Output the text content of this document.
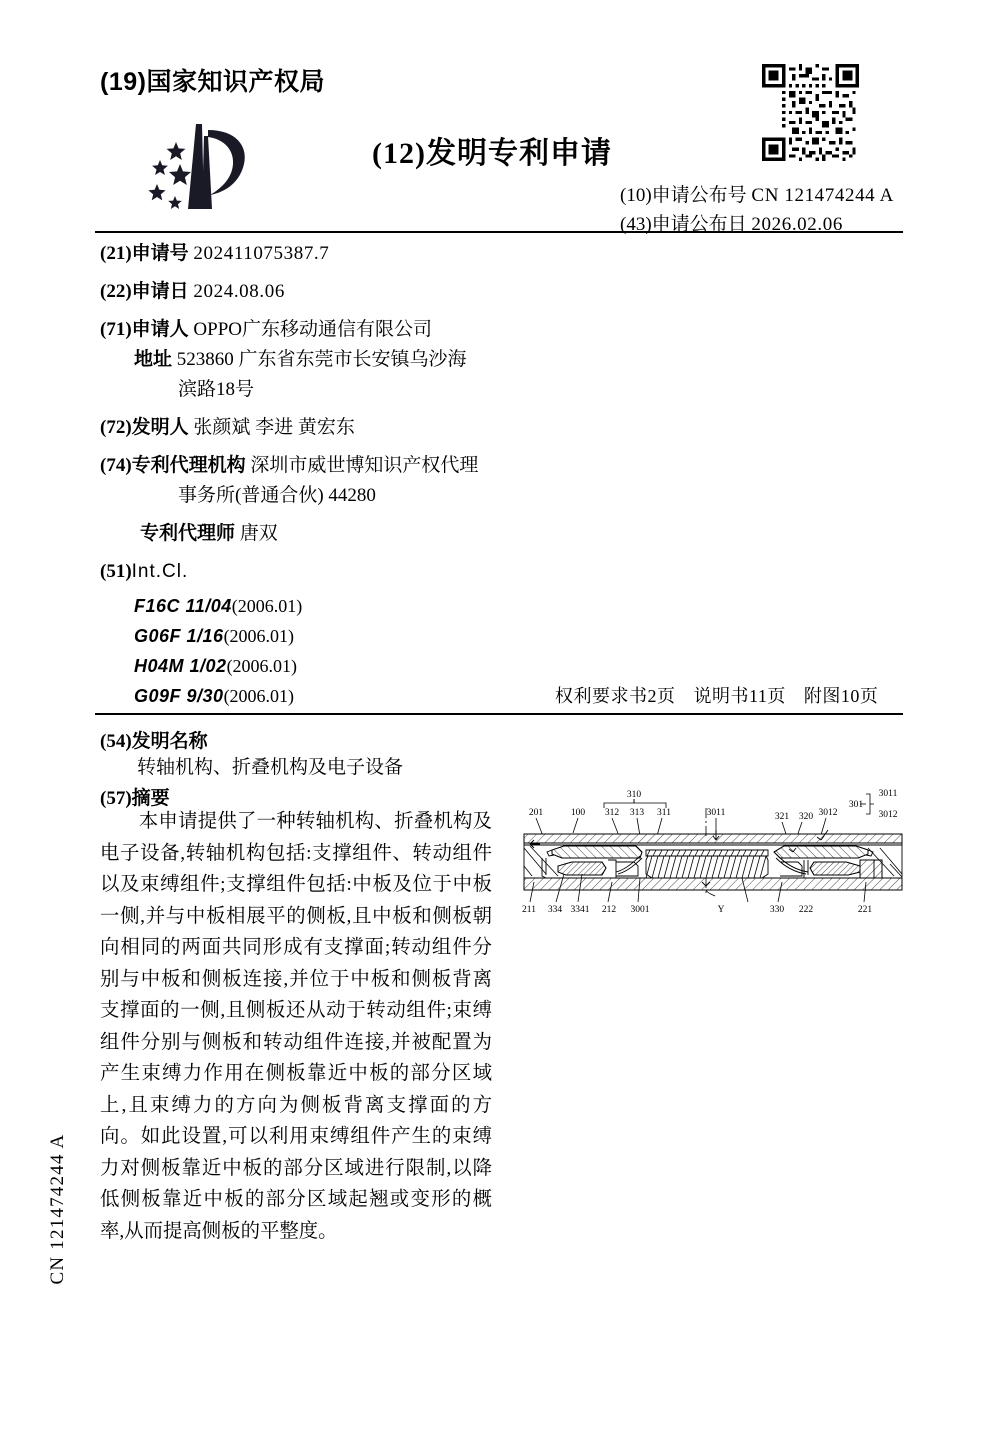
(19)国家知识产权局
(12)发明专利申请
(10)申请公布号 CN 121474244 A
(43)申请公布日 2026.02.06
(21)申请号 202411075387.7
(22)申请日 2024.08.06
(71)申请人 OPPO广东移动通信有限公司
地址 523860 广东省东莞市长安镇乌沙海
滨路18号
(72)发明人 张颜斌 李进 黄宏东
(74)专利代理机构 深圳市威世博知识产权代理
事务所(普通合伙) 44280
专利代理师 唐双
(51)Int.Cl.
F16C 11/04(2006.01)
G06F 1/16(2006.01)
H04M 1/02(2006.01)
G09F 9/30(2006.01)	权利要求书2页 说明书11页 附图10页
(54)发明名称
转轴机构、折叠机构及电子设备
(57)摘要
本申请提供了一种转轴机构、折叠机构及电子设备,转轴机构包括:支撑组件、转动组件以及束缚组件;支撑组件包括:中板及位于中板一侧,并与中板相展平的侧板,且中板和侧板朝向相同的两面共同形成有支撑面;转动组件分别与中板和侧板连接,并位于中板和侧板背离支撑面的一侧,且侧板还从动于转动组件;束缚组件分别与侧板和转动组件连接,并被配置为产生束缚力作用在侧板靠近中板的部分区域上,且束缚力的方向为侧板背离支撑面的方向。如此设置,可以利用束缚组件产生的束缚力对侧板靠近中板的部分区域进行限制,以降低侧板靠近中板的部分区域起翘或变形的概率,从而提高侧板的平整度。
201	100
310
312 313 311	3011	321 320 3012
301
3011
3012
211 334 3341 212 3001	Y	330 222	221
CN 121474244 A
